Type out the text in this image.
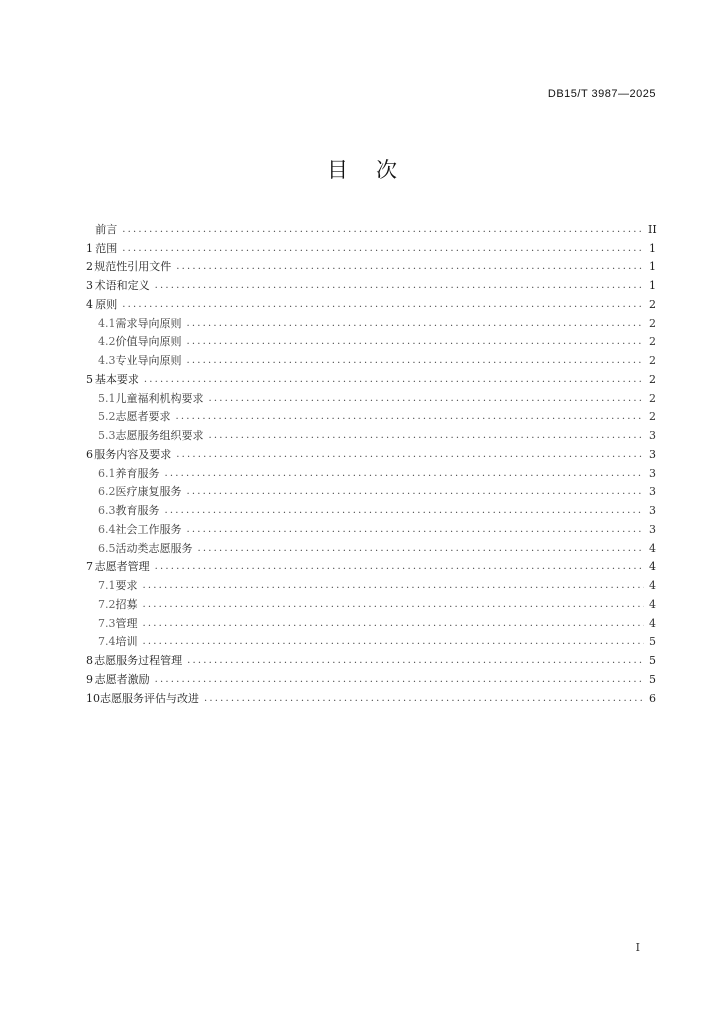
DB15/T 3987—2025
目次
前言 .....	II
1 范围 .....	1
2 规范性引用文件 .....	1
3 术语和定义 .....	1
4 原则 .....	2
4.1 需求导向原则 .....	2
4.2 价值导向原则 .....	2
4.3 专业导向原则 .....	2
5 基本要求 .....	2
5.1 儿童福利机构要求 .....	2
5.2 志愿者要求 .....	2
5.3 志愿服务组织要求 .....	3
6 服务内容及要求 .....	3
6.1 养育服务 .....	3
6.2 医疗康复服务 .....	3
6.3 教育服务 .....	3
6.4 社会工作服务 .....	3
6.5 活动类志愿服务 .....	4
7 志愿者管理 .....	4
7.1 要求 .....	4
7.2 招募 .....	4
7.3 管理 .....	4
7.4 培训 .....	5
8 志愿服务过程管理 .....	5
9 志愿者激励 .....	5
10 志愿服务评估与改进 .....	6
I
